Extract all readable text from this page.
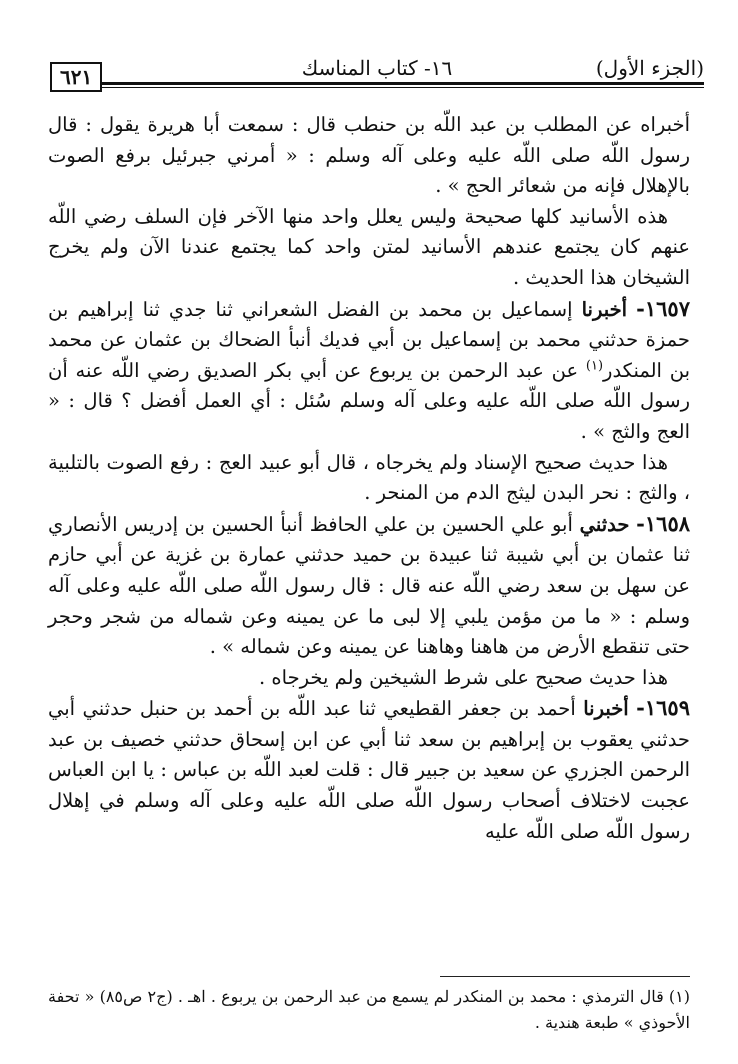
(الجزء الأول)
١٦- كتاب المناسك
٦٢١

أخبراه عن المطلب بن عبد اللّه بن حنطب قال : سمعت أبا هريرة يقول : قال رسول اللّه صلى اللّه عليه وعلى آله وسلم : « أمرني جبرئيل برفع الصوت بالإهلال فإنه من شعائر الحج » .

هذه الأسانيد كلها صحيحة وليس يعلل واحد منها الآخر فإن السلف رضي اللّه عنهم كان يجتمع عندهم الأسانيد لمتن واحد كما يجتمع عندنا الآن ولم يخرج الشيخان هذا الحديث .

١٦٥٧- أخبرنا إسماعيل بن محمد بن الفضل الشعراني ثنا جدي ثنا إبراهيم بن حمزة حدثني محمد بن إسماعيل بن أبي فديك أنبأ الضحاك بن عثمان عن محمد بن المنكدر$^{(١)}$ عن عبد الرحمن بن يربوع عن أبي بكر الصديق رضي اللّه عنه أن رسول اللّه صلى اللّه عليه وعلى آله وسلم سُئل : أي العمل أفضل ؟ قال : « العج والثج » .

هذا حديث صحيح الإسناد ولم يخرجاه ، قال أبو عبيد العج : رفع الصوت بالتلبية ، والثج : نحر البدن ليثج الدم من المنحر .

١٦٥٨- حدثني أبو علي الحسين بن علي الحافظ أنبأ الحسين بن إدريس الأنصاري ثنا عثمان بن أبي شيبة ثنا عبيدة بن حميد حدثني عمارة بن غزية عن أبي حازم عن سهل بن سعد رضي اللّه عنه قال : قال رسول اللّه صلى اللّه عليه وعلى آله وسلم : « ما من مؤمن يلبي إلا لبى ما عن يمينه وعن شماله من شجر وحجر حتى تنقطع الأرض من هاهنا وهاهنا عن يمينه وعن شماله » .

هذا حديث صحيح على شرط الشيخين ولم يخرجاه .

١٦٥٩- أخبرنا أحمد بن جعفر القطيعي ثنا عبد اللّه بن أحمد بن حنبل حدثني أبي حدثني يعقوب بن إبراهيم بن سعد ثنا أبي عن ابن إسحاق حدثني خصيف بن عبد الرحمن الجزري عن سعيد بن جبير قال : قلت لعبد اللّه بن عباس : يا ابن العباس عجبت لاختلاف أصحاب رسول اللّه صلى اللّه عليه وعلى آله وسلم في إهلال رسول اللّه صلى اللّه عليه

(١) قال الترمذي : محمد بن المنكدر لم يسمع من عبد الرحمن بن يربوع . اهـ . (ج٢ ص٨٥) « تحفة الأحوذي » طبعة هندية .
